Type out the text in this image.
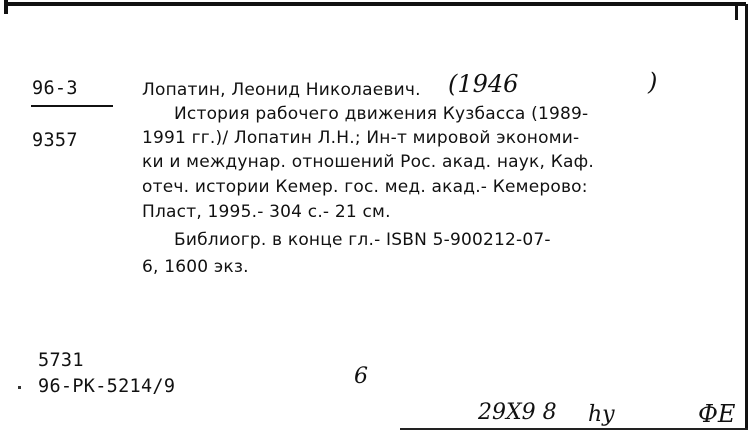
96-3
9357
Лопатин, Леонид Николаевич. (1946	)
История рабочего движения Кузбасса (1989-
1991 гг.)/ Лопатин Л.Н.; Ин-т мировой экономи-
ки и междунар. отношений Рос. акад. наук, Каф.
отеч. истории Кемер. гос. мед. акад.- Кемерово:
Пласт, 1995.- 304 с.- 21 см.
Библиогр. в конце гл.- ISBN 5-900212-07-
6, 1600 экз.
5731
96-PK-5214/9	6
29Х9 8 hy	ФЕ
